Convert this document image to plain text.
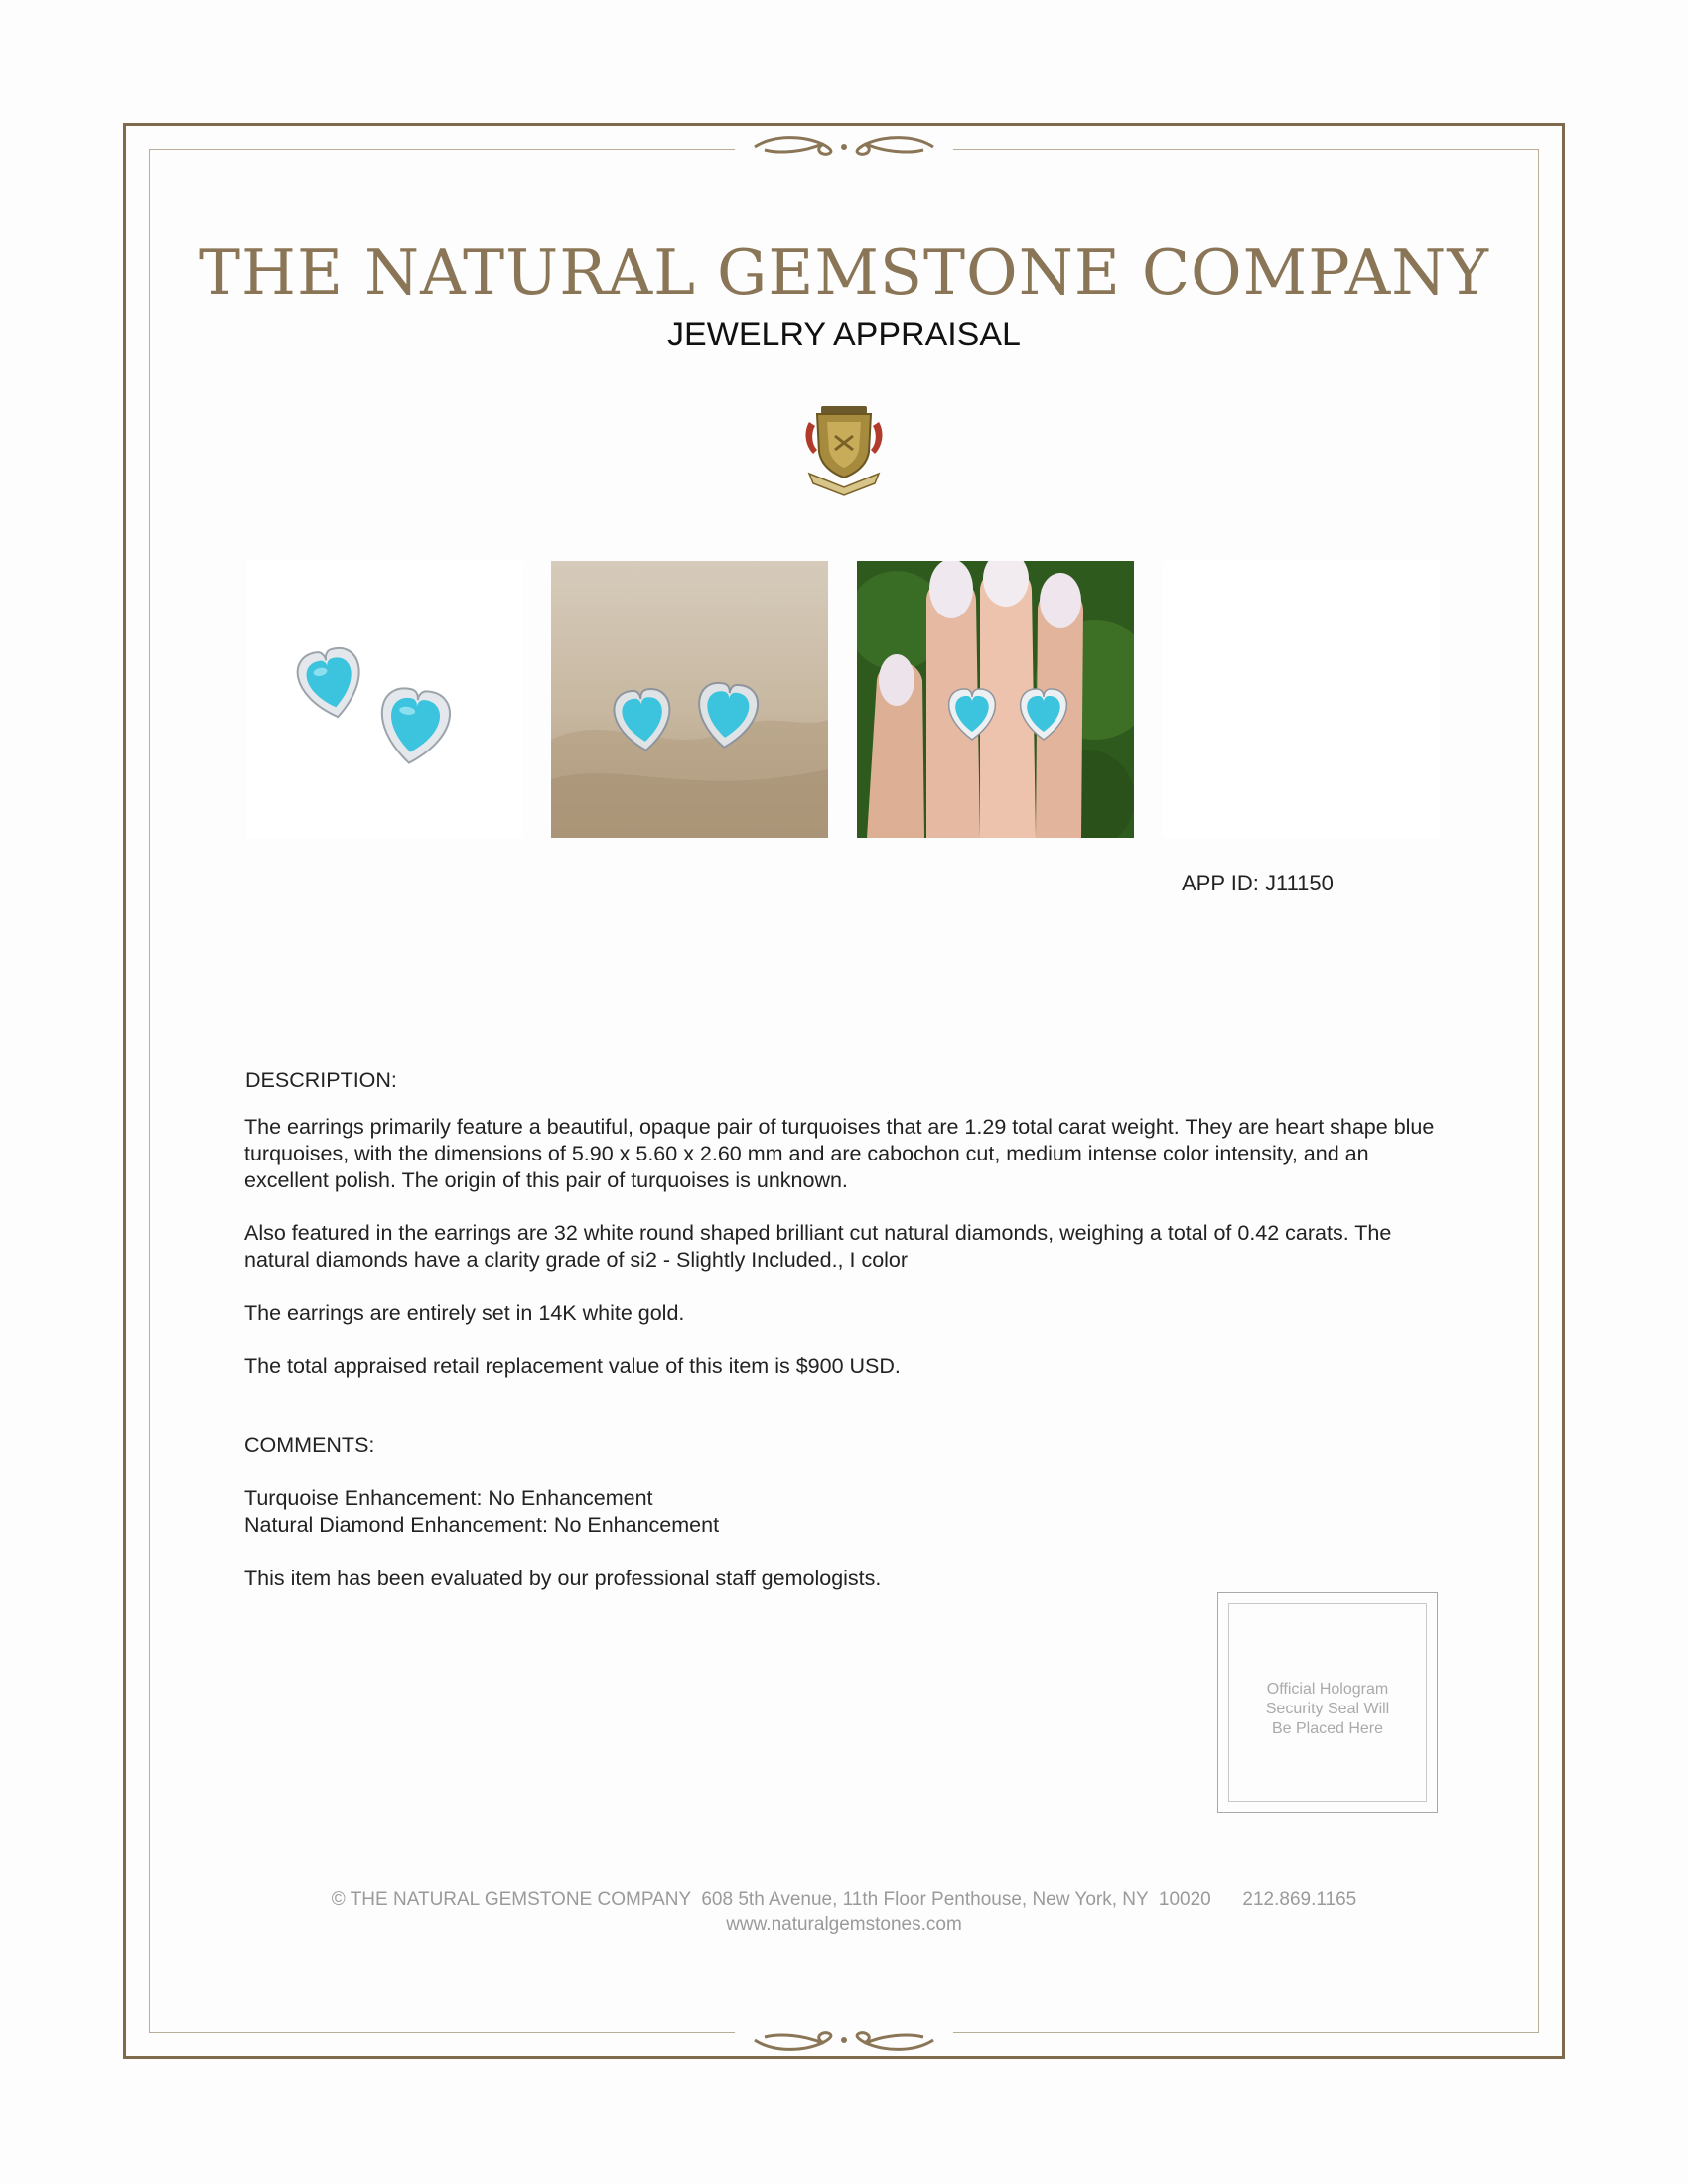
THE NATURAL GEMSTONE COMPANY
JEWELRY APPRAISAL
APP ID: J11150
DESCRIPTION:

The earrings primarily feature a beautiful, opaque pair of turquoises that are 1.29 total carat weight. They are heart shape blue turquoises, with the dimensions of 5.90 x 5.60 x 2.60 mm and are cabochon cut, medium intense color intensity, and an excellent polish. The origin of this pair of turquoises is unknown.

Also featured in the earrings are 32 white round shaped brilliant cut natural diamonds, weighing a total of 0.42 carats. The natural diamonds have a clarity grade of si2 - Slightly Included., I color

The earrings are entirely set in 14K white gold.

The total appraised retail replacement value of this item is $900 USD.

COMMENTS:
Turquoise Enhancement: No Enhancement
Natural Diamond Enhancement: No Enhancement
This item has been evaluated by our professional staff gemologists.
Official Hologram
Security Seal Will
Be Placed Here
© THE NATURAL GEMSTONE COMPANY  608 5th Avenue, 11th Floor Penthouse, New York, NY  10020      212.869.1165
www.naturalgemstones.com
